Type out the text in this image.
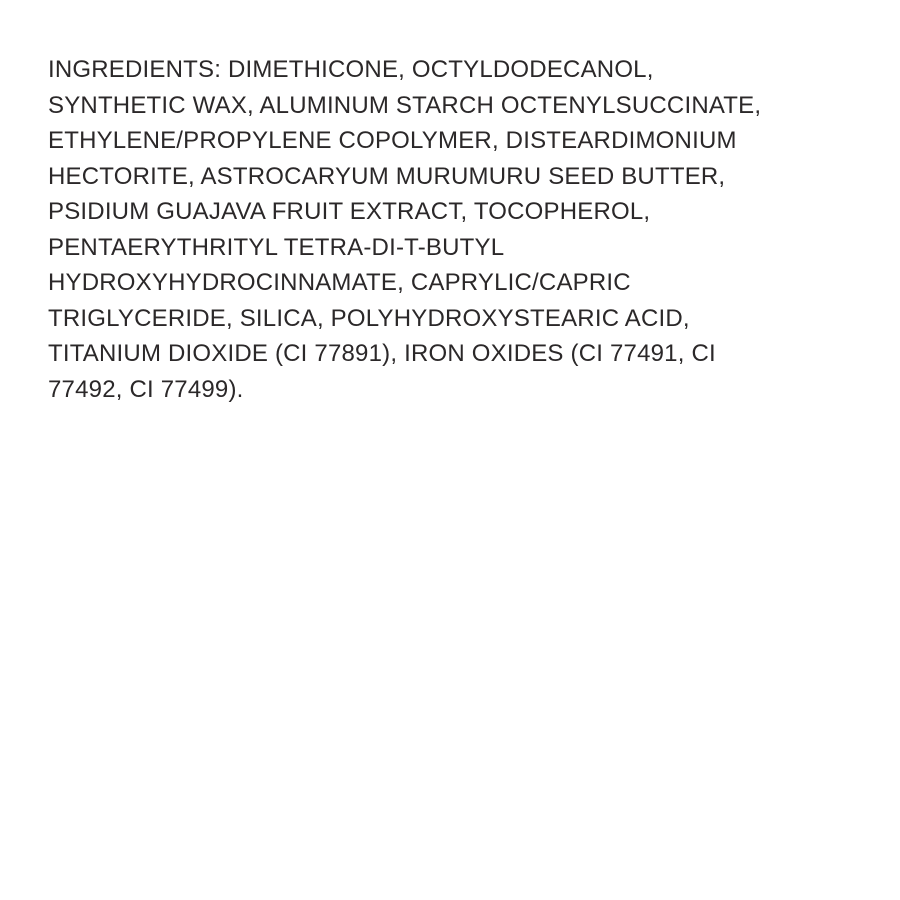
INGREDIENTS: DIMETHICONE, OCTYLDODECANOL,
SYNTHETIC WAX, ALUMINUM STARCH OCTENYLSUCCINATE,
ETHYLENE/PROPYLENE COPOLYMER, DISTEARDIMONIUM
HECTORITE, ASTROCARYUM MURUMURU SEED BUTTER,
PSIDIUM GUAJAVA FRUIT EXTRACT, TOCOPHEROL,
PENTAERYTHRITYL TETRA-DI-T-BUTYL
HYDROXYHYDROCINNAMATE, CAPRYLIC/CAPRIC
TRIGLYCERIDE, SILICA, POLYHYDROXYSTEARIC ACID,
TITANIUM DIOXIDE (CI 77891), IRON OXIDES (CI 77491, CI
77492, CI 77499).
